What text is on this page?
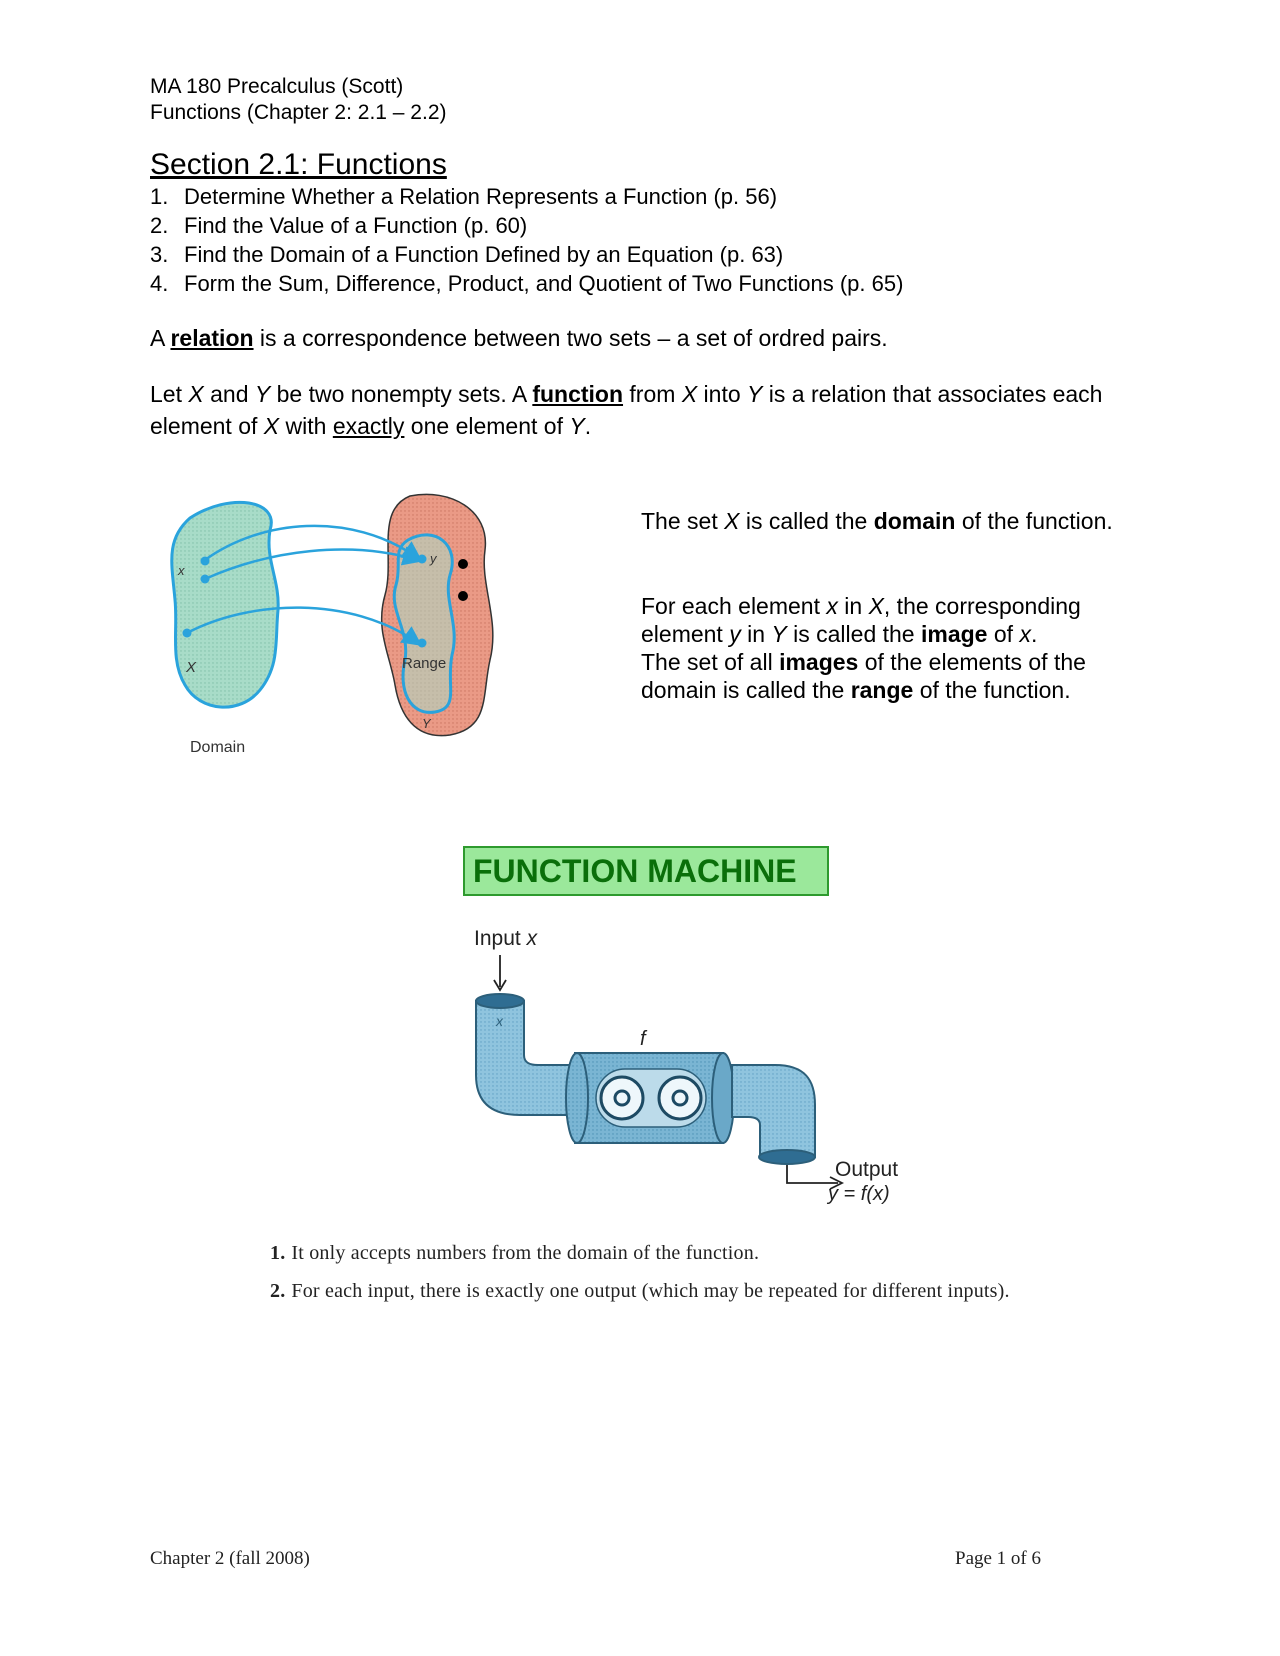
MA 180 Precalculus (Scott)
Functions (Chapter 2: 2.1 – 2.2)
Section 2.1: Functions
1. Determine Whether a Relation Represents a Function (p. 56)
2. Find the Value of a Function (p. 60)
3. Find the Domain of a Function Defined by an Equation (p. 63)
4. Form the Sum, Difference, Product, and Quotient of Two Functions (p. 65)
A relation is a correspondence between two sets – a set of ordred pairs.
Let X and Y be two nonempty sets. A function from X into Y is a relation that associates each element of X with exactly one element of Y.
x
X
y
Range
Y
Domain
The set X is called the domain of the function.
For each element x in X, the corresponding element y in Y is called the image of x.
The set of all images of the elements of the domain is called the range of the function.
FUNCTION MACHINE
Input x
x
f
Output
y = f(x)
1. It only accepts numbers from the domain of the function.
2. For each input, there is exactly one output (which may be repeated for different inputs).
Chapter 2 (fall 2008)	Page 1 of 6
